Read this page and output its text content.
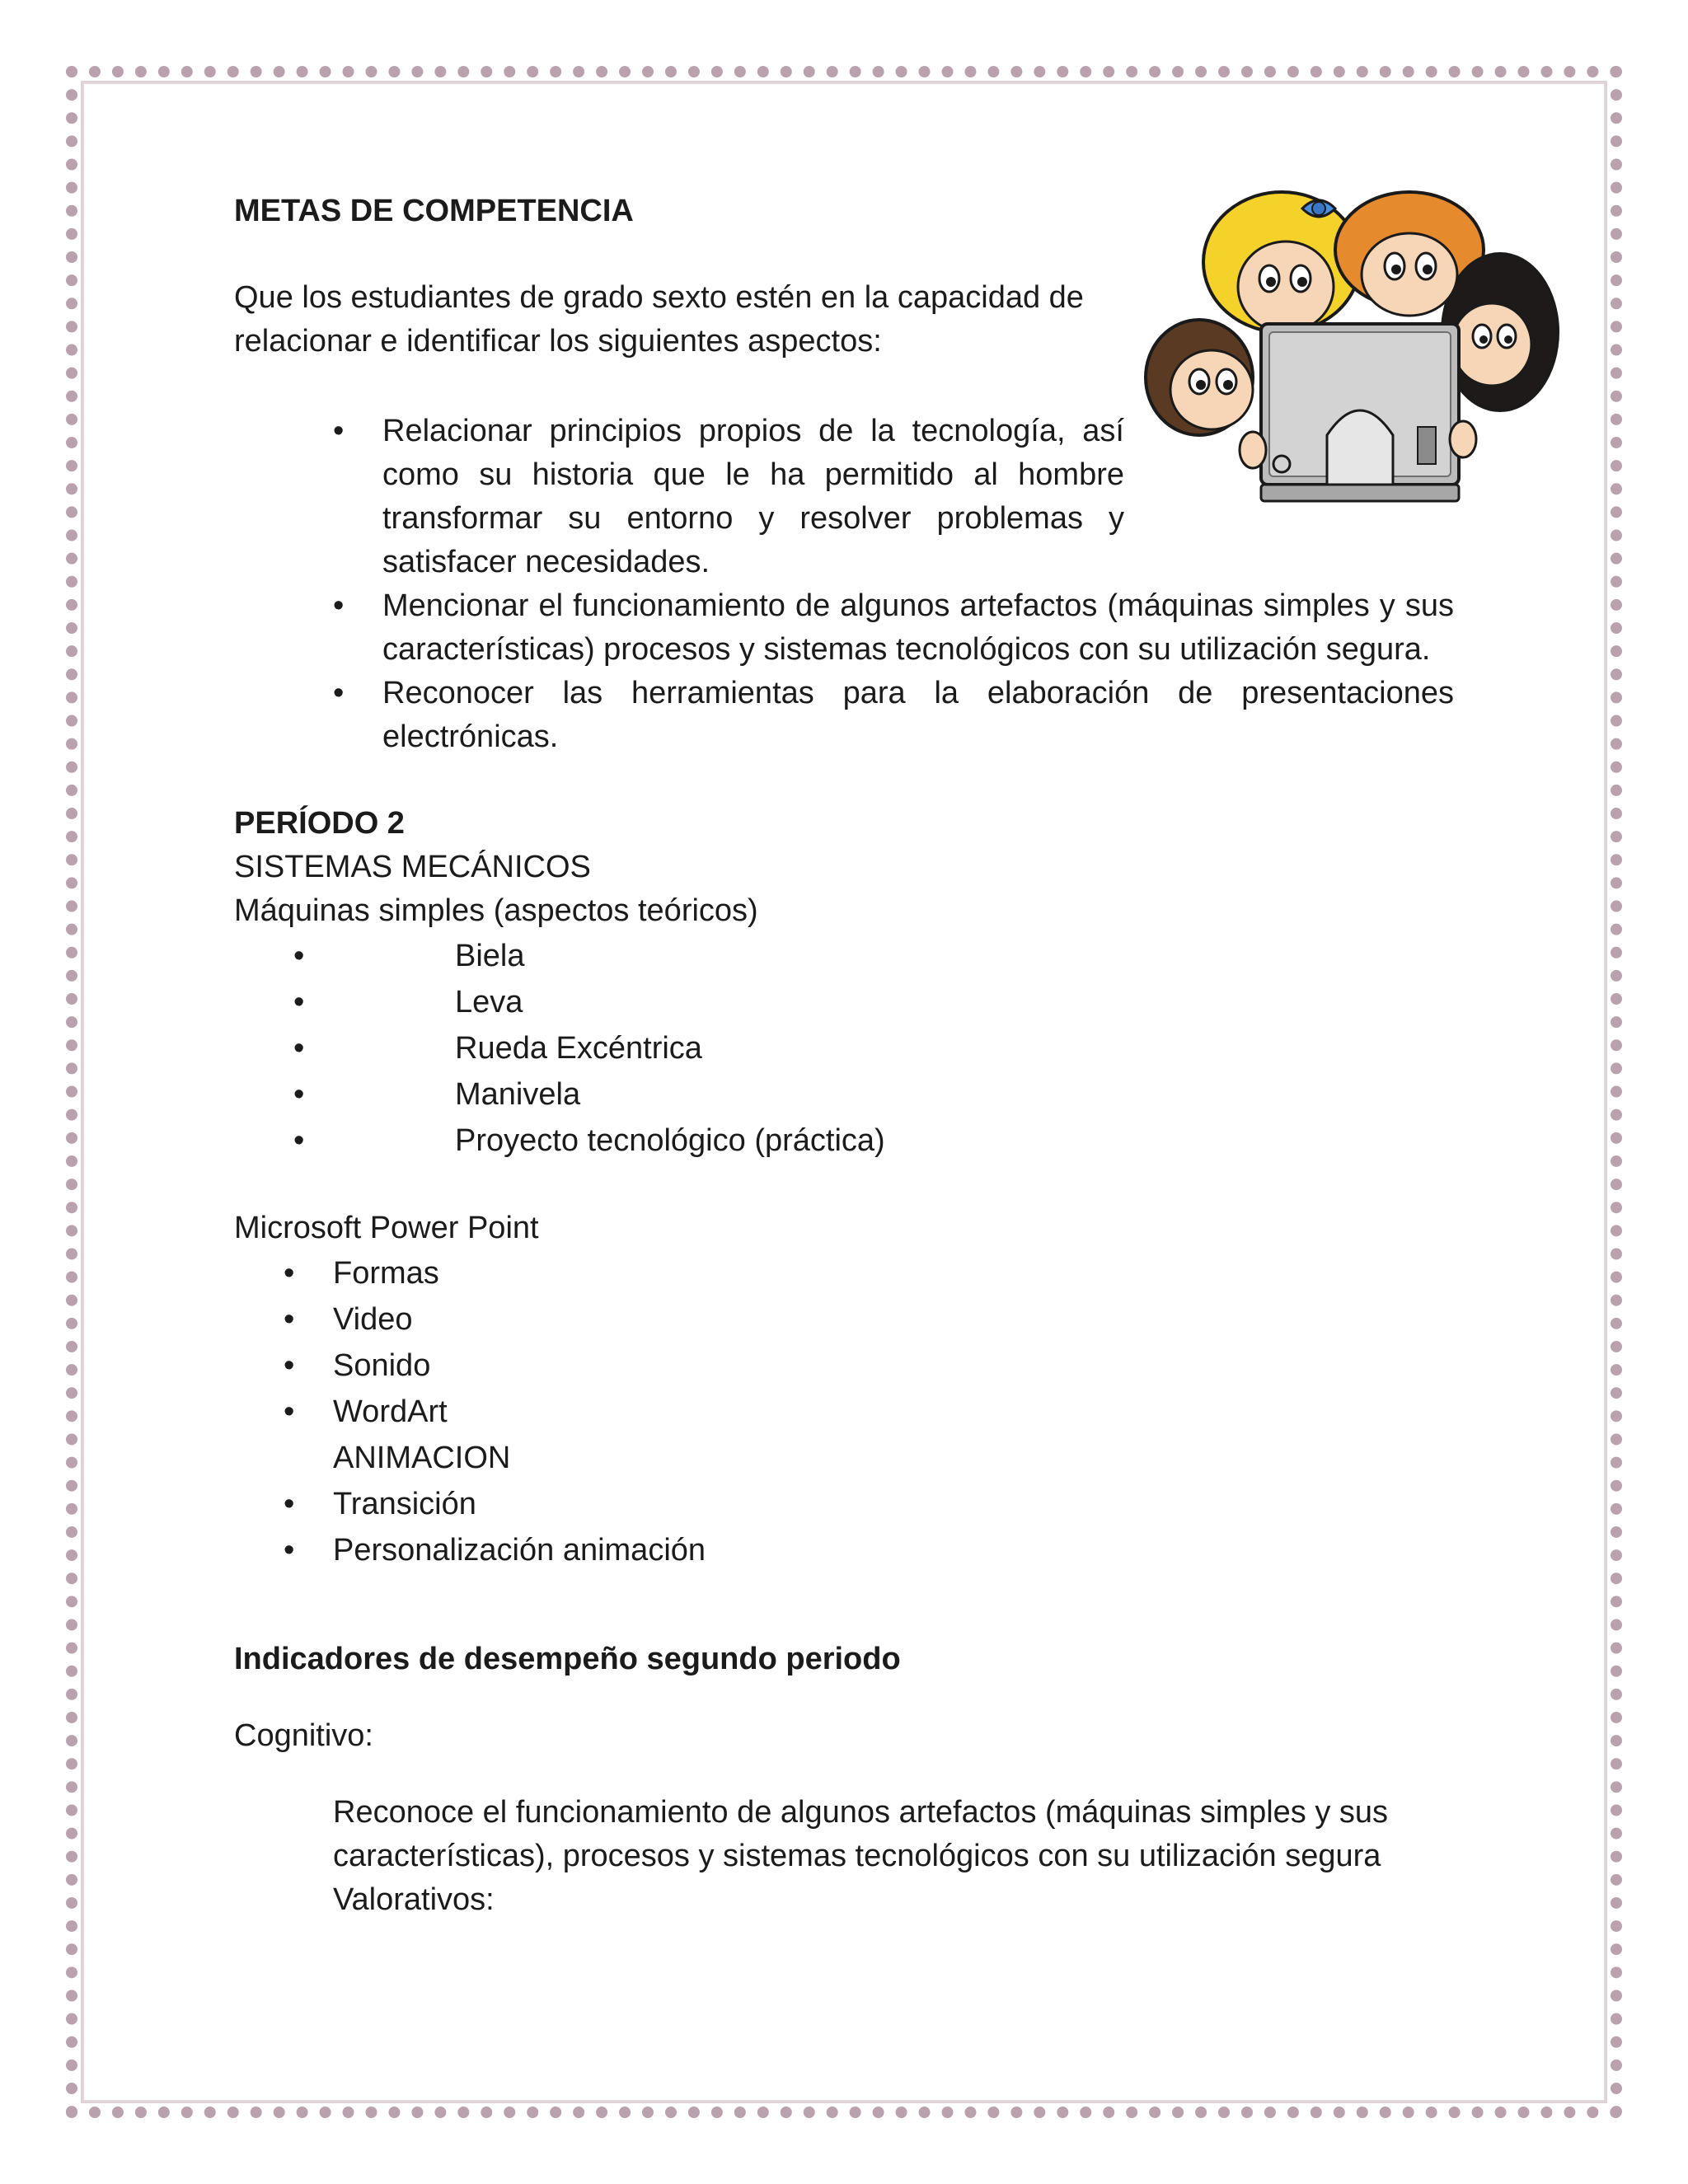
METAS DE COMPETENCIA

Que los estudiantes de grado sexto estén en la capacidad de relacionar e identificar los siguientes aspectos:

• Relacionar principios propios de la tecnología, así como su historia que le ha permitido al hombre transformar su entorno y resolver problemas y satisfacer necesidades.
• Mencionar el funcionamiento de algunos artefactos (máquinas simples y sus características) procesos y sistemas tecnológicos con su utilización segura.
• Reconocer las herramientas para la elaboración de presentaciones electrónicas.

PERÍODO 2

SISTEMAS MECÁNICOS

Máquinas simples (aspectos teóricos)

• Biela
• Leva
• Rueda Excéntrica
• Manivela
• Proyecto tecnológico (práctica)

Microsoft Power Point

• Formas
• Video
• Sonido
• WordArt
ANIMACION
• Transición
• Personalización animación

Indicadores de desempeño segundo periodo

Cognitivo:

Reconoce el funcionamiento de algunos artefactos (máquinas simples y sus características), procesos y sistemas tecnológicos con su utilización segura

Valorativos:
